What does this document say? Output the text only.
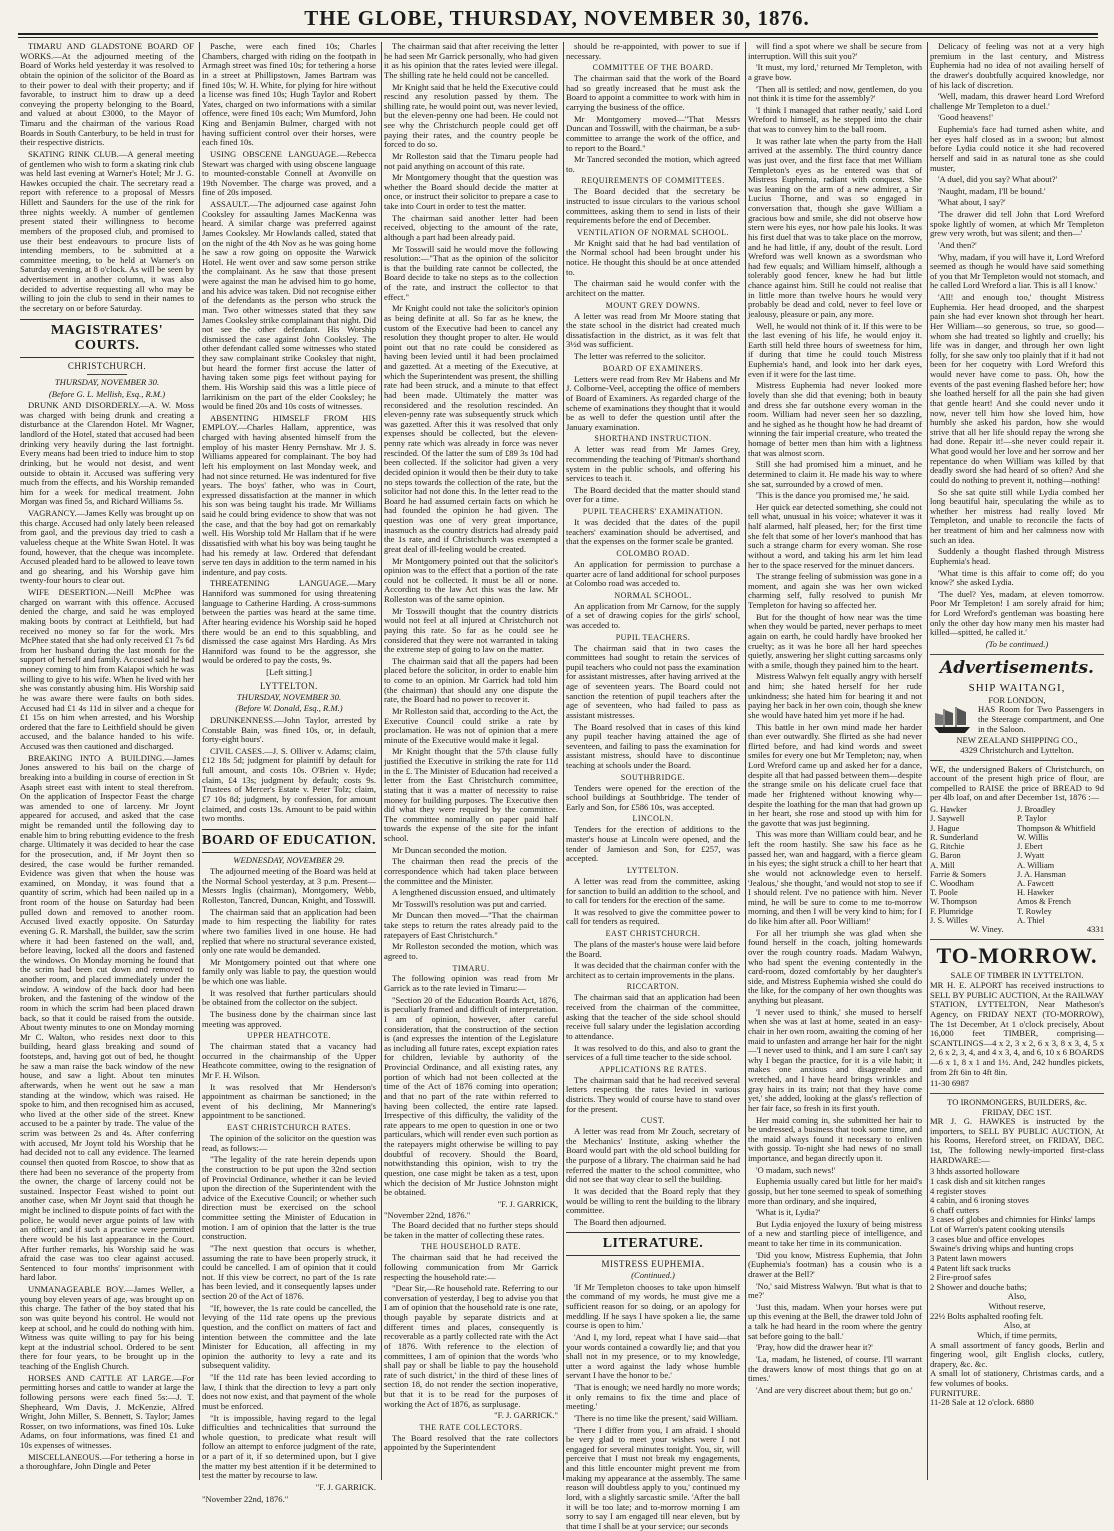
THE GLOBE, THURSDAY, NOVEMBER 30, 1876.

TIMARU AND GLADSTONE BOARD OF WORKS.—At the adjourned meeting of the Board of Works held yesterday it was resolved to obtain the opinion of the solicitor of the Board as to their power to deal with their property; and if favorable, to instruct him to draw up a deed conveying the property belonging to the Board, and valued at about £3000, to the Mayor of Timaru and the chairman of the various Road Boards in South Canterbury, to be held in trust for their respective districts.

SKATING RINK CLUB.—A general meeting of gentlemen who wish to form a skating rink club was held last evening at Warner's Hotel; Mr J. G. Hawkes occupied the chair. The secretary read a report with reference to a proposal of Messrs Hillett and Saunders for the use of the rink for three nights weekly. A number of gentlemen present stated their willingness to become members of the proposed club, and promised to use their best endeavours to procure lists of intending members, to be submitted at a committee meeting, to be held at Warner's on Saturday evening, at 8 o'clock. As will be seen by advertisement in another column, it was also decided to advertise requesting all who may be willing to join the club to send in their names to the secretary on or before Saturday.

MAGISTRATES' COURTS.
CHRISTCHURCH.
THURSDAY, NOVEMBER 30.
(Before G. L. Mellish, Esq., R.M.)

DRUNK AND DISORDERLY.—A. W. Moss was charged with being drunk and creating a disturbance at the Clarendon Hotel. Mr Wagner, landlord of the Hotel, stated that accused had been drinking very heavily during the last fortnight. Every means had been tried to induce him to stop drinking, but he would not desist, and went outside to obtain it. Accused was suffering very much from the effects, and his Worship remanded him for a week for medical treatment. John Morgan was fined 5s, and Richard Williams 5s.

VAGRANCY.—James Kelly was brought up on this charge. Accused had only lately been released from gaol, and the previous day tried to cash a valueless cheque at the White Swan Hotel. It was found, however, that the cheque was incomplete. Accused pleaded hard to be allowed to leave town and go shearing, and his Worship gave him twenty-four hours to clear out.

WIFE DESERTION.—Neill McPhee was charged on warrant with this offence. Accused denied the charge, and said he was employed making boots by contract at Leithfield, but had received no money so far for the work. Mrs McPhee stated that she had only received £1 7s 6d from her husband during the last month for the support of herself and family. Accused said he had money coming to him from Kaiapoi which he was willing to give to his wife. When he lived with her she was constantly abusing him. His Worship said he was aware there were faults on both sides. Accused had £1 4s 11d in silver and a cheque for £1 15s on him when arrested, and his Worship ordered that the fare to Leithfield should be given accused, and the balance handed to his wife. Accused was then cautioned and discharged.

BREAKING INTO A BUILDING.—James Jones answered to his bail on the charge of breaking into a building in course of erection in St Asaph street east with intent to steal therefrom. On the application of Inspector Feast the charge was amended to one of larceny. Mr Joynt appeared for accused, and asked that the case might be remanded until the following day to enable him to bring rebutting evidence to the fresh charge. Ultimately it was decided to hear the case for the prosecution, and, if Mr Joynt then so desired, the case would be further remanded. Evidence was given that when the house was examined, on Monday, it was found that a quantity of scrim, which had been nailed up in a front room of the house on Saturday had been pulled down and removed to another room. Accused lived exactly opposite. On Saturday evening G. R. Marshall, the builder, saw the scrim where it had been fastened on the wall, and, before leaving, locked all the doors and fastened the windows. On Monday morning he found that the scrim had been cut down and removed to another room, and placed immediately under the window. A window of the back door had been broken, and the fastening of the window of the room in which the scrim had been placed drawn back, so that it could be raised from the outside. About twenty minutes to one on Monday morning Mr C. Walton, who resides next door to this building, heard glass breaking and sound of footsteps, and, having got out of bed, he thought he saw a man raise the back window of the new house, and saw a light. About ten minutes afterwards, when he went out he saw a man standing at the window, which was raised. He spoke to him, and then recognised him as accused, who lived at the other side of the street. Knew accused to be a painter by trade. The value of the scrim was between 2s and 4s. After conferring with accused, Mr Joynt told his Worship that he had decided not to call any evidence. The learned counsel then quoted from Roscoe, to show that as there had been no severance of the property from the owner, the charge of larceny could not be sustained. Inspector Feast wished to point out another case, when Mr Joynt said that though he might be inclined to dispute points of fact with the police, he would never argue points of law with an officer; and if such a practice were permitted there would be his last appearance in the Court. After further remarks, his Worship said he was afraid the case was too clear against accused. Sentenced to four months' imprisonment with hard labor.

UNMANAGEABLE BOY.—James Weller, a young boy eleven years of age, was brought up on this charge. The father of the boy stated that his son was quite beyond his control. He would not keep at school, and he could do nothing with him. Witness was quite willing to pay for his being kept at the industrial school. Ordered to be sent there for four years, to be brought up in the teaching of the English Church.

HORSES AND CATTLE AT LARGE.—For permitting horses and cattle to wander at large the following persons were each fined 5s:—J. T. Shepheard, Wm Davis, J. McKenzie, Alfred Wright, John Miller, S. Bennett, S. Taylor; James Rosser, on two informations, was fined 10s. Luke Adams, on four informations, was fined £1 and 10s expenses of witnesses.

MISCELLANEOUS.—For tethering a horse in a thoroughfare, John Dingle and Peter

Pasche, were each fined 10s; Charles Chambers, charged with riding on the footpath in Armagh street was fined 10s; for tethering a horse in a street at Phillipstown, James Bartram was fined 10s; W. H. White, for plying for hire without a license was fined 10s; Hugh Taylor and Robert Yates, charged on two informations with a similar offence, were fined 10s each; Wm Mumford, John King and Benjamin Bulmer, charged with not having sufficient control over their horses, were each fined 10s.

USING OBSCENE LANGUAGE.—Rebecca Stewart was charged with using obscene language to mounted-constable Connell at Avonville on 19th November. The charge was proved, and a fine of 20s imposed.

ASSAULT.—The adjourned case against John Cooksley for assaulting James MacKenna was heard. A similar charge was preferred against James Cooksley. Mr Howlands called, stated that on the night of the 4th Nov as he was going home he saw a row going on opposite the Warwick Hotel. He went over and saw some person strike the complainant. As he saw that those present were against the man he advised him to go home, and his advice was taken. Did not recognise either of the defendants as the person who struck the man. Two other witnesses stated that they saw James Cooksley strike complainant that night. Did not see the other defendant. His Worship dismissed the case against John Cooksley. The other defendant called some witnesses who stated they saw complainant strike Cooksley that night, but heard the former first accuse the latter of having taken some pigs feet without paying for them. His Worship said this was a little piece of larrikinism on the part of the elder Cooksley; he would be fined 20s and 10s costs of witnesses.

ABSENTING HIMSELF FROM HIS EMPLOY.—Charles Hallam, apprentice, was charged with having absented himself from the employ of his master Henry Pernshaw. Mr J. S. Williams appeared for complainant. The boy had left his employment on last Monday week, and had not since returned. He was indentured for five years. The boys' father, who was in Court, expressed dissatisfaction at the manner in which his son was being taught his trade. Mr Williams said he could bring evidence to show that was not the case, and that the boy had got on remarkably well. His Worship told Mr Hallam that if he were dissatisfied with what his boy was being taught he had his remedy at law. Ordered that defendant serve ten days in addition to the term named in his indenture, and pay costs.

THREATENING LANGUAGE.—Mary Hanniford was summoned for using threatening language to Catherine Harding. A cross-summons between the parties was heard at the same time. After hearing evidence his Worship said he hoped there would be an end to this squabbling, and dismissed the case against Mrs Harding. As Mrs Hanniford was found to be the aggressor, she would be ordered to pay the costs, 9s.

[Left sitting.]
LYTTELTON.
THURSDAY, NOVEMBER 30.
(Before W. Donald, Esq., R.M.)

DRUNKENNESS.—John Taylor, arrested by Constable Bain, was fined 10s, or, in default, forty-eight hours'.

CIVIL CASES.—J. S. Olliver v. Adams; claim, £12 18s 5d; judgment for plaintiff by default for full amount, and costs 10s. O'Brien v. Hyde; claim, £4 13s; judgment by default; costs 9s. Trustees of Mercer's Estate v. Peter Tolz; claim, £7 10s 8d; judgment, by confession, for amount claimed, and costs 13s. Amount to be paid within two months.

BOARD OF EDUCATION.
WEDNESDAY, NOVEMBER 29.

The adjourned meeting of the Board was held at the Normal School yesterday, at 3 p.m. Present—Messrs Inglis (chairman), Montgomery, Webb, Rolleston, Tancred, Duncan, Knight, and Tosswill.

The chairman said that an application had been made to him respecting the liability for rates where two families lived in one house. He had replied that where no structural severance existed, only one rate would be demanded.

Mr Montgomery pointed out that where one family only was liable to pay, the question would be which one was liable.

It was resolved that further particulars should be obtained from the collector on the subject.

The business done by the chairman since last meeting was approved.

UPPER HEATHCOTE.

The chairman stated that a vacancy had occurred in the chairmanship of the Upper Heathcote committee, owing to the resignation of Mr F. H. Wilson.

It was resolved that Mr Henderson's appointment as chairman be sanctioned; in the event of his declining, Mr Mannering's appointment to be sanctioned.

EAST CHRISTCHURCH RATES.

The opinion of the solicitor on the question was read, as follows:—

"The legality of the rate herein depends upon the construction to be put upon the 32nd section of Provincial Ordinance, whether it can be levied upon the direction of the Superintendent with the advice of the Executive Council; or whether such direction must be exercised on the school committee setting the Minister of Education in motion. I am of opinion that the latter is the true construction.

"The next question that occurs is whether, assuming the rate to have been properly struck, it could be cancelled. I am of opinion that it could not. If this view be correct, no part of the 1s rate has been levied, and it consequently lapses under section 20 of the Act of 1876.

"If, however, the 1s rate could be cancelled, the levying of the 11d rate opens up the previous question, and the conflict on matters of fact and intention between the committee and the late Minister for Education, all affecting in my opinion the authority to levy a rate and its subsequent validity.

"If the 11d rate has been levied according to law, I think that the direction to levy a part only does not now exist, and that payment of the whole must be enforced.

"It is impossible, having regard to the legal difficulties and technicalities that surround the whole question, to predicate what result will follow an attempt to enforce judgment of the rate, or a part of it, if so determined upon, but I give the matter my best attention if it be determined to test the matter by recourse to law.

"F. J. GARRICK.
"November 22nd, 1876."

The chairman said that after receiving the letter he had seen Mr Garrick personally, who had given it as his opinion that the rates levied were illegal. The shilling rate he held could not be cancelled.

Mr Knight said that he held the Executive could rescind any resolution passed by them. The shilling rate, he would point out, was never levied, but the eleven-penny one had been. He could not see why the Christchurch people could get off paying their rates, and the country people be forced to do so.

Mr Rolleston said that the Timaru people had not paid anything on account of this rate.

Mr Montgomery thought that the question was whether the Board should decide the matter at once, or instruct their solicitor to prepare a case to take into Court in order to test the matter.

The chairman said another letter had been received, objecting to the amount of the rate, although a part had been already paid.

Mr Tosswill said he would move the following resolution:—"That as the opinion of the solicitor is that the building rate cannot be collected, the Board decide to take no steps as to the collection of the rate, and instruct the collector to that effect."

Mr Knight could not take the solicitor's opinion as being definite at all. So far as he knew, the custom of the Executive had been to cancel any resolution they thought proper to alter. He would point out that no rate could be considered as having been levied until it had been proclaimed and gazetted. At a meeting of the Executive, at which the Superintendent was present, the shilling rate had been struck, and a minute to that effect had been made. Ultimately the matter was reconsidered and the resolution rescinded. An eleven-penny rate was subsequently struck which was gazetted. After this it was resolved that only expenses should be collected, but the eleven-penny rate which was already in force was never rescinded. Of the latter the sum of £89 3s 10d had been collected. If the solicitor had given a very decided opinion it would then be their duty to take no steps towards the collection of the rate, but the solicitor had not done this. In the letter read to the Board he had assumed certain facts on which he had founded the opinion he had given. The question was one of very great importance, inasmuch as the country districts had already paid the 1s rate, and if Christchurch was exempted a great deal of ill-feeling would be created.

Mr Montgomery pointed out that the solicitor's opinion was to the effect that a portion of the rate could not be collected. It must be all or none. According to the law Act this was the law. Mr Rolleston was of the same opinion.

Mr Tosswill thought that the country districts would not feel at all injured at Christchurch not paying this rate. So far as he could see he considered that they were not warranted in taking the extreme step of going to law on the matter.

The chairman said that all the papers had been placed before the solicitor, in order to enable him to come to an opinion. Mr Garrick had told him (the chairman) that should any one dispute the rate, the Board had no power to recover it.

Mr Rolleston said that, according to the Act, the Executive Council could strike a rate by proclamation. He was not of opinion that a mere minute of the Executive would make it legal.

Mr Knight thought that the 57th clause fully justified the Executive in striking the rate for 11d in the £. The Minister of Education had received a letter from the East Christchurch committee, stating that it was a matter of necessity to raise money for building purposes. The Executive then did what they were required by the committee. The committee nominally on paper paid half towards the expense of the site for the infant school.

Mr Duncan seconded the motion.

The chairman then read the precis of the correspondence which had taken place between the committee and the Minister.

A lengthened discussion ensued, and ultimately

Mr Tosswill's resolution was put and carried.

Mr Duncan then moved—"That the chairman take steps to return the rates already paid to the ratepayers of East Christchurch."

Mr Rolleston seconded the motion, which was agreed to.

TIMARU.

The following opinion was read from Mr Garrick as to the rate levied in Timaru:—

"Section 20 of the Education Boards Act, 1876, is peculiarly framed and difficult of interpretation. I am of opinion, however, after careful consideration, that the construction of the section is (and expresses the intention of the Legislature as including all future rates, except expiation rates for children, leviable by authority of the Provincial Ordinance, and all existing rates, any portion of which had not been collected at the time of the Act of 1876 coming into operation; and that no part of the rate within referred to having been collected, the entire rate lapsed. Irrespective of this difficulty, the validity of the rate appears to me open to question in one or two particulars, which will render even such portion as the ratepayers might otherwise be willing to pay doubtful of recovery. Should the Board, notwithstanding this opinion, wish to try the question, one case might be taken as a test, upon which the decision of Mr Justice Johnston might be obtained.

"F. J. GARRICK,
"November 22nd, 1876."

The Board decided that no further steps should be taken in the matter of collecting these rates.

THE HOUSEHOLD RATE.

The chairman said that he had received the following communication from Mr Garrick respecting the household rate:—

"Dear Sir,—Re household rate. Referring to our conversation of yesterday, I beg to advise you that I am of opinion that the household rate is one rate, though payable by separate districts and at different times and places, consequently is recoverable as a partly collected rate with the Act of 1876. With reference to the election of committees, I am of opinion that the words 'who shall pay or shall be liable to pay the household rate of such district,' in the third of these lines of section 18, do not render the section inoperative, but that it is to be read for the purposes of working the Act of 1876, as surplusage.

"F. J. GARRICK."
THE RATE COLLECTORS.

The Board resolved that the rate collectors appointed by the Superintendent

should be re-appointed, with power to sue if necessary.

COMMITTEE OF THE BOARD.

The chairman said that the work of the Board had so greatly increased that he must ask the Board to appoint a committee to work with him in carrying the business of the office.

Mr Montgomery moved—"That Messrs Duncan and Tosswill, with the chairman, be a sub-committee to arrange the work of the office, and to report to the Board."

Mr Tancred seconded the motion, which agreed to.

REQUIREMENTS OF COMMITTEES.

The Board decided that the secretary be instructed to issue circulars to the various school committees, asking them to send in lists of their requirements before the end of December.

VENTILATION OF NORMAL SCHOOL.

Mr Knight said that he had bad ventilation of the Normal school had been brought under his notice. He thought this should be at once attended to.

The chairman said he would confer with the architect on the matter.

MOUNT GREY DOWNS.

A letter was read from Mr Moore stating that the state school in the district had created much dissatisfaction in the district, as it was felt that 3½d was sufficient.

The letter was referred to the solicitor.

BOARD OF EXAMINERS.

Letters were read from Rev Mr Habens and Mr J. Colborne-Veel, accepting the office of members of Board of Examiners. As regarded charge of the scheme of examinations they thought that it would be as well to defer the question until after the January examination.

SHORTHAND INSTRUCTION.

A letter was read from Mr James Grey, recommending the teaching of 'Pitman's shorthand system in the public schools, and offering his services to teach it.

The Board decided that the matter should stand over for a time.

PUPIL TEACHERS' EXAMINATION.

It was decided that the dates of the pupil teachers' examination should be advertised, and that the expenses on the former scale be granted.

COLOMBO ROAD.

An application for permission to purchase a quarter acre of land additional for school purposes at Colombo road was acceded to.

NORMAL SCHOOL.

An application from Mr Carnow, for the supply of a set of drawing copies for the girls' school, was acceded to.

PUPIL TEACHERS.

The chairman said that in two cases the committees had sought to retain the services of pupil teachers who could not pass the examination for assistant mistresses, after having arrived at the age of seventeen years. The Board could not sanction the retention of pupil teachers after the age of seventeen, who had failed to pass as assistant mistresses.

The Board resolved that in cases of this kind any pupil teacher having attained the age of seventeen, and failing to pass the examination for assistant mistress, should have to discontinue teaching at schools under the Board.

SOUTHBRIDGE.

Tenders were opened for the erection of the school buildings at Southbridge. The tender of Early and Son, for £586 10s, was accepted.

LINCOLN.

Tenders for the erection of additions to the master's house at Lincoln were opened, and the tender of Jamieson and Son, for £257, was accepted.

LYTTELTON.

A letter was read from the committee, asking for sanction to build an addition to the school, and to call for tenders for the erection of the same.

It was resolved to give the committee power to call for tenders as required.

EAST CHRISTCHURCH.

The plans of the master's house were laid before the Board.

It was decided that the chairman confer with the architect as to certain improvements in the plans.

RICCARTON.

The chairman said that an application had been received from the chairman of the committee, asking that the teacher of the side school should receive full salary under the legislation according to attendance.

It was resolved to do this, and also to grant the services of a full time teacher to the side school.

APPLICATIONS RE RATES.

The chairman said that he had received several letters respecting the rates levied in various districts. They would of course have to stand over for the present.

CUST.

A letter was read from Mr Zouch, secretary of the Mechanics' Institute, asking whether the Board would part with the old school building for the purpose of a library. The chairman said he had referred the matter to the school committee, who did not see that way clear to sell the building.

It was decided that the Board reply that they would be willing to rent the building to the library committee.

The Board then adjourned.

LITERATURE.
MISTRESS EUPHEMIA.
(Continued.)

'If Mr Templeton chooses to take upon himself the command of my words, he must give me a sufficient reason for so doing, or an apology for meddling. If he says I have spoken a lie, the same course is open to him.'

'And I, my lord, repeat what I have said—that your words contained a cowardly lie; and that you shall not in my presence, or to my knowledge, utter a word against the lady whose humble servant I have the honor to be.'

'That is enough; we need hardly no more words; it only remains to fix the time and place of meeting.'

'There is no time like the present,' said William.

'There I differ from you, I am afraid. I should be very glad to meet your wishes were I not engaged for several minutes tonight. You, sir, will perceive that I must not break my engagements, and this little encounter might prevent me from making my appearance at the assembly. The same reason will doubtless apply to you,' continued my lord, with a slightly sarcastic smile. 'After the ball it will be too late; and to-morrow morning I am sorry to say I am engaged till near eleven, but by that time I shall be at your service; our seconds

will find a spot where we shall be secure from interruption. Will this suit you?'

'It must, my lord,' returned Mr Templeton, with a grave bow.

'Then all is settled; and now, gentlemen, do you not think it is time for the assembly?'

'I think I managed that rather neatly,' said Lord Wreford to himself, as he stepped into the chair that was to convey him to the ball room.

It was rather late when the party from the Hall arrived at the assembly. The third country dance was just over, and the first face that met William Templeton's eyes as he entered was that of Mistress Euphemia, radiant with conquest. She was leaning on the arm of a new admirer, a Sir Lucius Thorne, and was so engaged in conversation that, though she gave William a gracious bow and smile, she did not observe how stern were his eyes, nor how pale his looks. It was his first duel that was to take place on the morrow, and he had little, if any, doubt of the result. Lord Wreford was well known as a swordsman who had few equals; and William himself, although a tolerably good fencer, knew he had but little chance against him. Still he could not realise that in little more than twelve hours he would very probably be dead and cold, never to feel love or jealousy, pleasure or pain, any more.

Well, he would not think of it. If this were to be the last evening of his life, he would enjoy it. Earth still held three hours of sweetness for him, if during that time he could touch Mistress Euphemia's hand, and look into her dark eyes, even if it were for the last time.

Mistress Euphemia had never looked more lovely than she did that evening; both in beauty and dress she far outshone every woman in the room. William had never seen her so dazzling, and he sighed as he thought how he had dreamt of winning the fair imperial creature, who treated the homage of better men than him with a lightness that was almost scorn.

Still she had promised him a minuet, and he determined to claim it. He made his way to where she sat, surrounded by a crowd of men.

'This is the dance you promised me,' he said.

Her quick ear detected something, she could not tell what, unusual in his voice; whatever it was it half alarmed, half pleased, her; for the first time she felt that some of her lover's manhood that has such a strange charm for every woman. She rose without a word, and taking his arm let him lead her to the space reserved for the minuet dancers.

The strange feeling of submission was gone in a moment, and again she was her own wicked charming self, fully resolved to punish Mr Templeton for having so affected her.

But for the thought of how near was the time when they would be parted, never perhaps to meet again on earth, he could hardly have brooked her cruelty; as it was he bore all her hard speeches quietly, answering her slight cutting sarcasms only with a smile, though they pained him to the heart.

Mistress Walwyn felt equally angry with herself and him; she hated herself for her rude unkindness; she hated him for bearing it and not paying her back in her own coin, though she knew she would have hated him yet more if he had.

This battle in her own mind made her harder than ever outwardly. She flirted as she had never flirted before, and had kind words and sweet smiles for every one but Mr Templeton; nay, when Lord Wreford came up and asked her for a dance, despite all that had passed between them—despite the strange smile on his delicate cruel face that made her frightened without knowing why—despite the loathing for the man that had grown up in her heart, she rose and stood up with him for the gavotte that was just beginning.

This was more than William could bear, and he left the room hastily. She saw his face as he passed her, wan and haggard, with a fierce gleam in his eyes; the sight struck a chill to her heart that she would not acknowledge even to herself. 'Jealous,' she thought, 'and would not stop to see if I should relent. I've no patience with him. Never mind, he will be sure to come to me to-morrow morning, and then I will be very kind to him; for I do like him after all. Poor William!'

For all her triumph she was glad when she found herself in the coach, jolting homewards over the rough country roads. Madam Walwyn, who had spent the evening contentedly in the card-room, dozed comfortably by her daughter's side, and Mistress Euphemia wished she could do the like, for the company of her own thoughts was anything but pleasant.

'I never used to think,' she mused to herself when she was at last at home, seated in an easy-chair in her own room, awaiting the coming of her maid to unfasten and arrange her hair for the night—'I never used to think, and I am sure I can't say why I began the practice, for it is a vile habit; it makes one anxious and disagreeable and wretched, and I have heard brings wrinkles and gray hairs in its train; not that they have come yet,' she added, looking at the glass's reflection of her fair face, so fresh in its first youth.

Her maid coming in, she submitted her hair to be undressed, a business that took some time, and the maid always found it necessary to enliven with gossip. To-night she had news of no small importance, and began directly upon it.

'O madam, such news!'

Euphemia usually cared but little for her maid's gossip, but her tone seemed to speak of something more than ordinary, and she inquired,

'What is it, Lydia?'

But Lydia enjoyed the luxury of being mistress of a new and startling piece of intelligence, and meant to take her time in its communication.

'Did you know, Mistress Euphemia, that John (Euphemia's footman) has a cousin who is a drawer at the Bell?'

'No,' said Mistress Walwyn. 'But what is that to me?'

'Just this, madam. When your horses were put up this evening at the Bell, the drawer told John of a talk he had heard in the room where the gentry sat before going to the ball.'

'Pray, how did the drawer hear it?'

'La, madam, he listened, of course. I'll warrant the drawers know of most things that go on at times.'

'And are very discreet about them; but go on.'

Delicacy of feeling was not at a very high premium in the last century, and Mistress Euphemia had no idea of not availing herself of the drawer's doubtfully acquired knowledge, nor of his lack of discretion.

'Well, madam, this drawer heard Lord Wreford challenge Mr Templeton to a duel.'

'Good heavens!'

Euphemia's face had turned ashen white, and her eyes half closed as in a swoon; but almost before Lydia could notice it she had recovered herself and said in as natural tone as she could muster,

'A duel, did you say? What about?'

'Naught, madam, I'll be bound.'

'What about, I say?'

'The drawer did tell John that Lord Wreford spoke lightly of women, at which Mr Templeton grew very wroth, but was silent; and then—'

'And then?'

'Why, madam, if you will have it, Lord Wreford seemed as though he would have said something of you that Mr Templeton would not stomach, and he called Lord Wreford a liar. This is all I know.'

'All! and enough too,' thought Mistress Euphemia. Her head drooped, and the sharpest pain she had ever known shot through her heart. Her William—so generous, so true, so good—whom she had treated so lightly and cruelly; his life was in danger, and through her own light folly, for she saw only too plainly that if it had not been for her coquetry with Lord Wreford this would never have come to pass. Oh, how the events of the past evening flashed before her; how she loathed herself for all the pain she had given that gentle heart! And she could never undo it now, never tell him how she loved him, how humbly she asked his pardon, how she would strive that all her life should repay the wrong she had done. Repair it!—she never could repair it. What good would her love and her sorrow and her repentance do when William was killed by that deadly sword she had heard of so often? And she could do nothing to prevent it, nothing—nothing!

So she sat quite still while Lydia combed her long beautiful hair, speculating the while as to whether her mistress had really loved Mr Templeton, and unable to reconcile the facts of her treatment of him and her calmness now with such an idea.

Suddenly a thought flashed through Mistress Euphemia's head.

'What time is this affair to come off; do you know?' she asked Lydia.

'The duel? Yes, madam, at eleven tomorrow. Poor Mr Templeton! I am sorely afraid for him; for Lord Wreford's gentleman was boasting here only the other day how many men his master had killed—spitted, he called it.'

(To be continued.)
Advertisements.
SHIP WAITANGI,
FOR LONDON,

HAS Room for Two Passengers in the Steerage compartment, and One in the Saloon.

NEW ZEALAND SHIPPING CO.,
4329 Christchurch and Lyttelton.

WE, the undersigned Bakers of Christchurch, on account of the present high price of flour, are compelled to RAISE the price of BREAD to 9d per 4lb loaf, on and after December 1st, 1876 :—

G. Hawker
J. Saywell
J. Hague
R. Sunderland
G. Ritchie
G. Baron
A. Mill
Farrie & Somers
C. Woodham
T. Poole
W. Thompson
F. Plumridge
J. S. Willes
J. Broadley
P. Taylor
Thompson & Whitfield
W. Willis
J. Ebert
J. Wyatt
A. William
J. A. Hansman
A. Fawcett
H. Hawker
Amos & French
T. Rowley
A. Thiel
W. Viney.	4331
TO-MORROW.
SALE OF TIMBER IN LYTTELTON.

MR H. E. ALPORT has received instructions to SELL BY PUBLIC AUCTION, At the RAILWAY STATION, LYTTELTON, Near Matheson's Agency, on FRIDAY NEXT (TO-MORROW), The 1st December, At 1 o'clock precisely, About 16,000 feet TIMBER, comprising—SCANTLINGS—4 x 2, 3 x 2, 6 x 3, 8 x 3, 4, 5 x 2, 6 x 2, 3, 4, and 4 x 3, 4, and 6, 10 x 6 BOARDS—6 x 1, 8 x 1 and 1½. And, 242 hundles pickets, from 2ft 6in to 4ft 8in.

11-30 6987
TO IRONMONGERS, BUILDERS, &c.
FRIDAY, DEC 1ST.

MR J. G. HAWKES is instructed by the importers, to SELL BY PUBLIC AUCTION, At his Rooms, Hereford street, on FRIDAY, DEC. 1st, The following newly-imported first-class HARDWARE:—

3 hhds assorted holloware
1 cask dish and sit kitchen ranges
4 register stoves
4 cabin, and 6 ironing stoves
6 chaff cutters
3 cases of globes and chimnies for Hinks' lamps
Lot of Warren's patent cooking utensils
3 cases blue and office envelopes
Swaine's driving whips and hunting crops
3 Patent lawn mowers
4 Patent lift sack trucks
2 Fire-proof safes
2 Shower and douche baths;
Also,
Without reserve,
22½ Bolts asphalted roofing felt.
Also, at
Which, if time permits,
A small assortment of fancy goods, Berlin and fingering wool, gilt English clocks, cutlery, drapery, &c. &c.
A small lot of stationery, Christmas cards, and a few volumes of books.
FURNITURE.
11-28 Sale at 12 o'clock. 6880
